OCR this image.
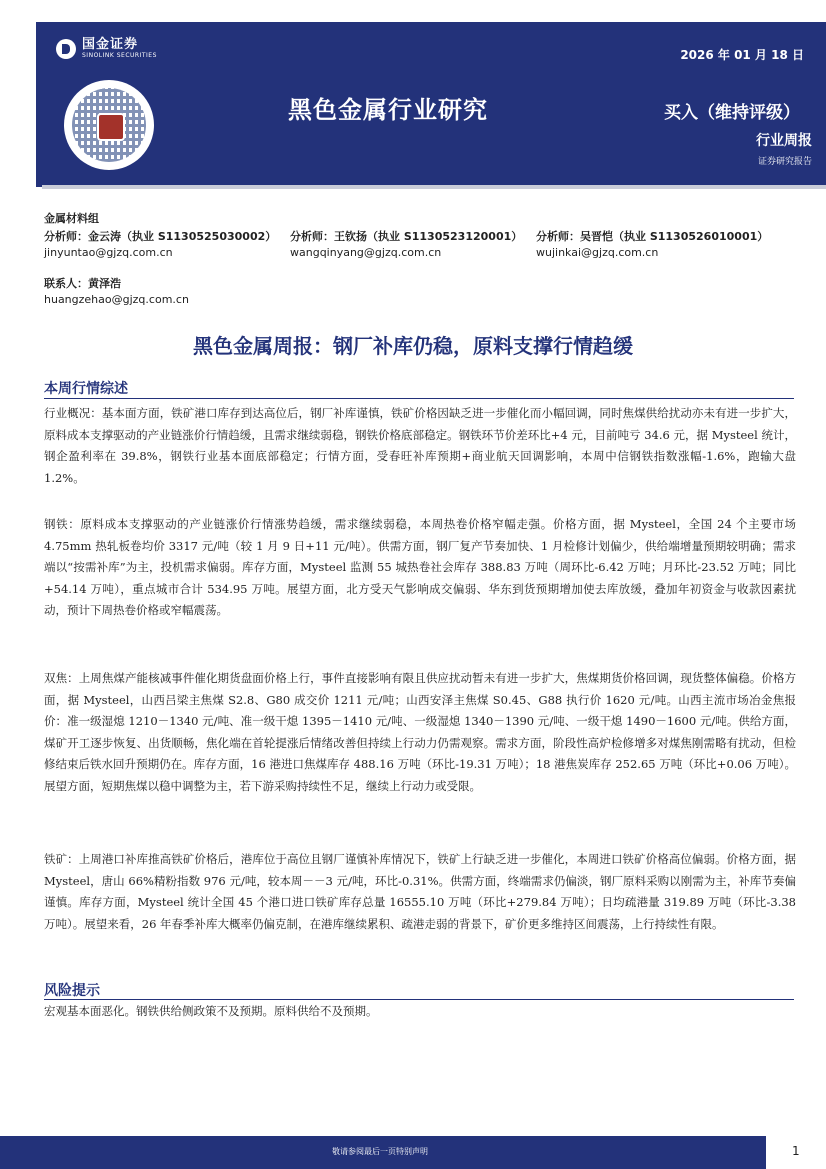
国金证券
SINOLINK SECURITIES	2026 年 01 月 18 日
黑色金属行业研究	买入（维持评级）
行业周报
证券研究报告
金属材料组
分析师：金云涛（执业 S1130525030002）
jinyuntao@gjzq.com.cn
分析师：王钦扬（执业 S1130523120001）
wangqinyang@gjzq.com.cn
分析师：吴晋恺（执业 S1130526010001）
wujinkai@gjzq.com.cn
联系人：黄泽浩
huangzehao@gjzq.com.cn
黑色金属周报：钢厂补库仍稳，原料支撑行情趋缓
本周行情综述
行业概况：基本面方面，铁矿港口库存到达高位后，钢厂补库谨慎，铁矿价格因缺乏进一步催化而小幅回调，同时焦煤供给扰动亦未有进一步扩大，原料成本支撑驱动的产业链涨价行情趋缓，且需求继续弱稳，钢铁价格底部稳定。钢铁环节价差环比+4 元，目前吨亏 34.6 元，据 Mysteel 统计，钢企盈利率在 39.8%，钢铁行业基本面底部稳定；行情方面，受春旺补库预期+商业航天回调影响，本周中信钢铁指数涨幅-1.6%，跑输大盘 1.2%。
钢铁：原料成本支撑驱动的产业链涨价行情涨势趋缓，需求继续弱稳，本周热卷价格窄幅走强。价格方面，据 Mysteel，全国 24 个主要市场 4.75mm 热轧板卷均价 3317 元/吨（较 1 月 9 日+11 元/吨）。供需方面，钢厂复产节奏加快、1 月检修计划偏少，供给端增量预期较明确；需求端以“按需补库”为主，投机需求偏弱。库存方面，Mysteel 监测 55 城热卷社会库存 388.83 万吨（周环比-6.42 万吨；月环比-23.52 万吨；同比+54.14 万吨），重点城市合计 534.95 万吨。展望方面，北方受天气影响成交偏弱、华东到货预期增加使去库放缓，叠加年初资金与收款因素扰动，预计下周热卷价格或窄幅震荡。
双焦：上周焦煤产能核减事件催化期货盘面价格上行，事件直接影响有限且供应扰动暂未有进一步扩大，焦煤期货价格回调，现货整体偏稳。价格方面，据 Mysteel，山西吕梁主焦煤 S2.8、G80 成交价 1211 元/吨；山西安泽主焦煤 S0.45、G88 执行价 1620 元/吨。山西主流市场冶金焦报价：准一级湿熄 1210－1340 元/吨、准一级干熄 1395－1410 元/吨、一级湿熄 1340－1390 元/吨、一级干熄 1490－1600 元/吨。供给方面，煤矿开工逐步恢复、出货顺畅，焦化端在首轮提涨后情绪改善但持续上行动力仍需观察。需求方面，阶段性高炉检修增多对煤焦刚需略有扰动，但检修结束后铁水回升预期仍在。库存方面，16 港进口焦煤库存 488.16 万吨（环比-19.31 万吨）；18 港焦炭库存 252.65 万吨（环比+0.06 万吨）。展望方面，短期焦煤以稳中调整为主，若下游采购持续性不足，继续上行动力或受限。
铁矿：上周港口补库推高铁矿价格后，港库位于高位且钢厂谨慎补库情况下，铁矿上行缺乏进一步催化，本周进口铁矿价格高位偏弱。价格方面，据 Mysteel，唐山 66%精粉指数 976 元/吨，较本周－－3 元/吨，环比-0.31%。供需方面，终端需求仍偏淡，钢厂原料采购以刚需为主，补库节奏偏谨慎。库存方面，Mysteel 统计全国 45 个港口进口铁矿库存总量 16555.10 万吨（环比+279.84 万吨）；日均疏港量 319.89 万吨（环比-3.38 万吨）。展望来看，26 年春季补库大概率仍偏克制，在港库继续累积、疏港走弱的背景下，矿价更多维持区间震荡，上行持续性有限。
风险提示
宏观基本面恶化。钢铁供给侧政策不及预期。原料供给不及预期。
敬请参阅最后一页特别声明	1
